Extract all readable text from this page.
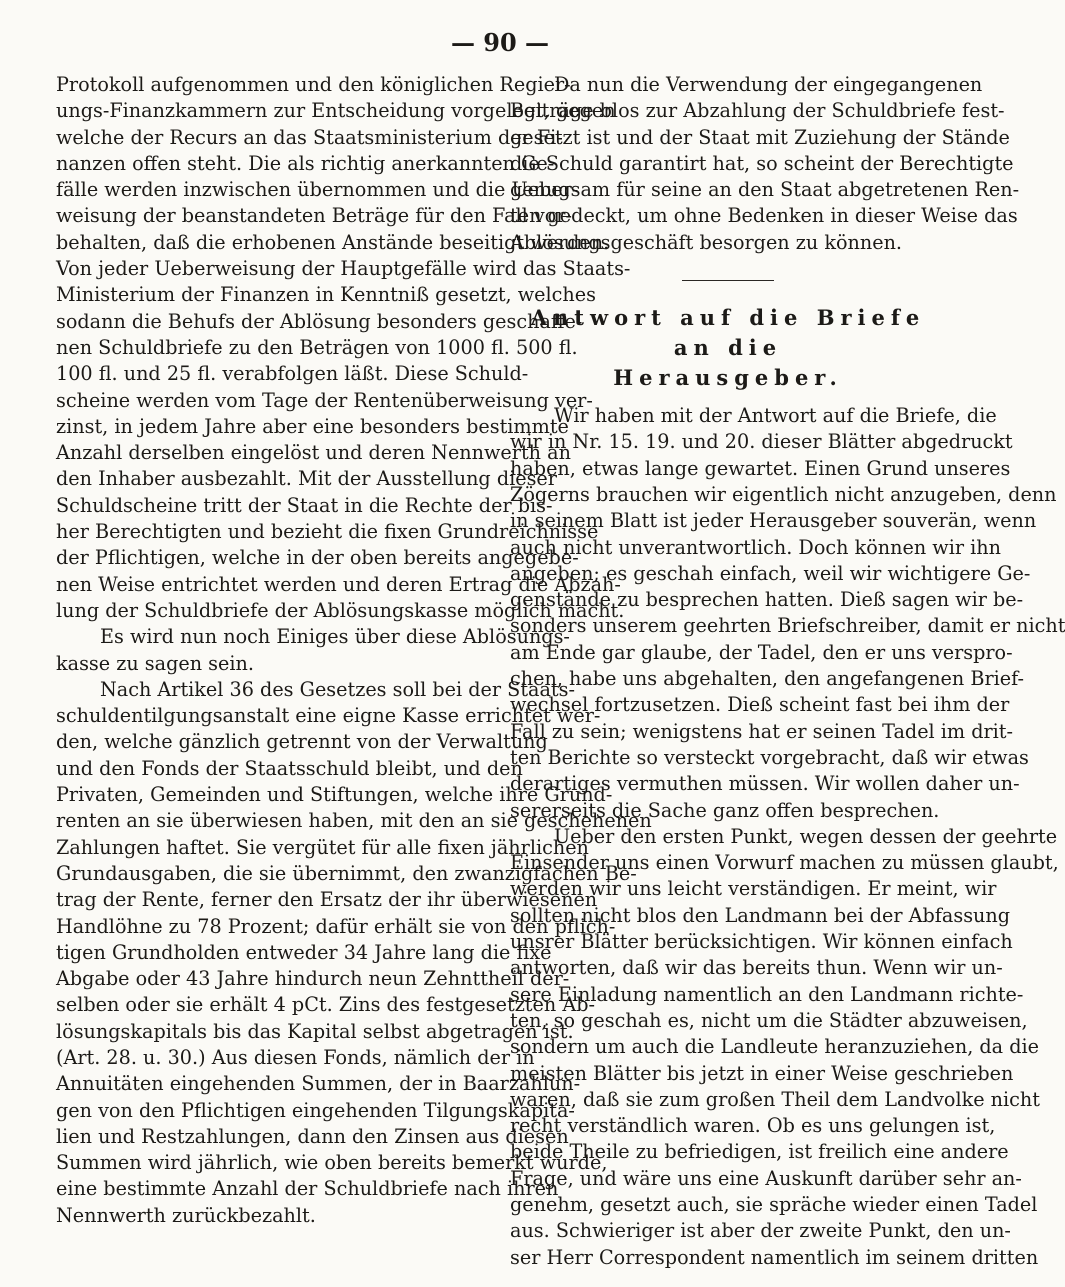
— 90 —
Protokoll aufgenommen und den königlichen Regier-
ungs-Finanzkammern zur Entscheidung vorgelegt, gegen
welche der Recurs an das Staatsministerium der Fi-
nanzen offen steht. Die als richtig anerkannten Ge-
fälle werden inzwischen übernommen und die Ueber-
weisung der beanstandeten Beträge für den Fall vor-
behalten, daß die erhobenen Anstände beseitigt werden.
Von jeder Ueberweisung der Hauptgefälle wird das Staats-
Ministerium der Finanzen in Kenntniß gesetzt, welches
sodann die Behufs der Ablösung besonders geschaffe-
nen Schuldbriefe zu den Beträgen von 1000 fl. 500 fl.
100 fl. und 25 fl. verabfolgen läßt. Diese Schuld-
scheine werden vom Tage der Rentenüberweisung ver-
zinst, in jedem Jahre aber eine besonders bestimmte
Anzahl derselben eingelöst und deren Nennwerth an
den Inhaber ausbezahlt. Mit der Ausstellung dieser
Schuldscheine tritt der Staat in die Rechte der bis-
her Berechtigten und bezieht die fixen Grundreichnisse
der Pflichtigen, welche in der oben bereits angegebe-
nen Weise entrichtet werden und deren Ertrag die Abzah-
lung der Schuldbriefe der Ablösungskasse möglich macht.
Es wird nun noch Einiges über diese Ablösungs-
kasse zu sagen sein.
Nach Artikel 36 des Gesetzes soll bei der Staats-
schuldentilgungsanstalt eine eigne Kasse errichtet wer-
den, welche gänzlich getrennt von der Verwaltung
und den Fonds der Staatsschuld bleibt, und den
Privaten, Gemeinden und Stiftungen, welche ihre Grund-
renten an sie überwiesen haben, mit den an sie geschehenen
Zahlungen haftet. Sie vergütet für alle fixen jährlichen
Grundausgaben, die sie übernimmt, den zwanzigfachen Be-
trag der Rente, ferner den Ersatz der ihr überwiesenen
Handlöhne zu 78 Prozent; dafür erhält sie von den pflich-
tigen Grundholden entweder 34 Jahre lang die fixe
Abgabe oder 43 Jahre hindurch neun Zehnttheil der-
selben oder sie erhält 4 pCt. Zins des festgesetzten Ab-
lösungskapitals bis das Kapital selbst abgetragen ist.
(Art. 28. u. 30.) Aus diesen Fonds, nämlich der in
Annuitäten eingehenden Summen, der in Baarzahlun-
gen von den Pflichtigen eingehenden Tilgungskapita-
lien und Restzahlungen, dann den Zinsen aus diesen
Summen wird jährlich, wie oben bereits bemerkt wurde,
eine bestimmte Anzahl der Schuldbriefe nach ihren
Nennwerth zurückbezahlt.
Da nun die Verwendung der eingegangenen
Beiträge blos zur Abzahlung der Schuldbriefe fest-
gesetzt ist und der Staat mit Zuziehung der Stände
die Schuld garantirt hat, so scheint der Berechtigte
genugsam für seine an den Staat abgetretenen Ren-
ten gedeckt, um ohne Bedenken in dieser Weise das
Ablösungsgeschäft besorgen zu können.
Antwort auf die Briefe an die
Herausgeber.
Wir haben mit der Antwort auf die Briefe, die
wir in Nr. 15. 19. und 20. dieser Blätter abgedruckt
haben, etwas lange gewartet. Einen Grund unseres
Zögerns brauchen wir eigentlich nicht anzugeben, denn
in seinem Blatt ist jeder Herausgeber souverän, wenn
auch nicht unverantwortlich. Doch können wir ihn
angeben; es geschah einfach, weil wir wichtigere Ge-
genstände zu besprechen hatten. Dieß sagen wir be-
sonders unserem geehrten Briefschreiber, damit er nicht
am Ende gar glaube, der Tadel, den er uns versprо-
chen, habe uns abgehalten, den angefangenen Brief-
wechsel fortzusetzen. Dieß scheint fast bei ihm der
Fall zu sein; wenigstens hat er seinen Tadel im drit-
ten Berichte so versteckt vorgebracht, daß wir etwas
derartiges vermuthen müssen. Wir wollen daher un-
sererseits die Sache ganz offen besprechen.
Ueber den ersten Punkt, wegen dessen der geehrte
Einsender uns einen Vorwurf machen zu müssen glaubt,
werden wir uns leicht verständigen. Er meint, wir
sollten nicht blos den Landmann bei der Abfassung
unsrer Blätter berücksichtigen. Wir können einfach
antworten, daß wir das bereits thun. Wenn wir un-
sere Einladung namentlich an den Landmann richte-
ten, so geschah es, nicht um die Städter abzuweisen,
sondern um auch die Landleute heranzuziehen, da die
meisten Blätter bis jetzt in einer Weise geschrieben
waren, daß sie zum großen Theil dem Landvolke nicht
recht verständlich waren. Ob es uns gelungen ist,
beide Theile zu befriedigen, ist freilich eine andere
Frage, und wäre uns eine Auskunft darüber sehr an-
genehm, gesetzt auch, sie spräche wieder einen Tadel
aus. Schwieriger ist aber der zweite Punkt, den un-
ser Herr Correspondent namentlich im seinem dritten
